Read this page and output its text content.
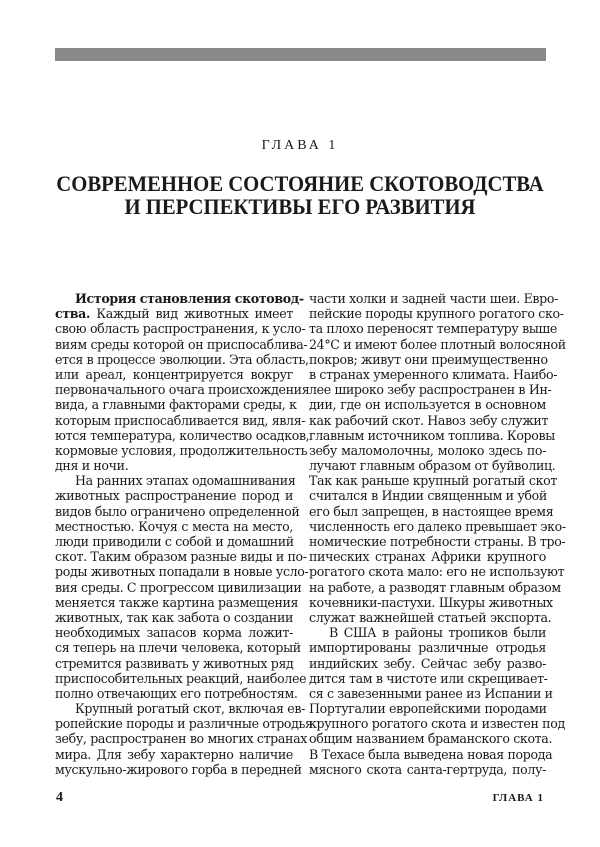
ГЛАВА 1
СОВРЕМЕННОЕ СОСТОЯНИЕ СКОТОВОДСТВА
И ПЕРСПЕКТИВЫ ЕГО РАЗВИТИЯ
История становления скотовод-
ства. Каждый вид животных имеет
свою область распространения, к усло-
виям среды которой он приспосаблива-
ется в процессе эволюции. Эта область,
или ареал, концентрируется вокруг
первоначального очага происхождения
вида, а главными факторами среды, к
которым приспосабливается вид, явля-
ются температура, количество осадков,
кормовые условия, продолжительность
дня и ночи.
На ранних этапах одомашнивания
животных распространение пород и
видов было ограничено определенной
местностью. Кочуя с места на место,
люди приводили с собой и домашний
скот. Таким образом разные виды и по-
роды животных попадали в новые усло-
вия среды. С прогрессом цивилизации
меняется также картина размещения
животных, так как забота о создании
необходимых запасов корма ложит-
ся теперь на плечи человека, который
стремится развивать у животных ряд
приспособительных реакций, наиболее
полно отвечающих его потребностям.
Крупный рогатый скот, включая ев-
ропейские породы и различные отродья
зебу, распространен во многих странах
мира. Для зебу характерно наличие
мускульно-жирового горба в передней
части холки и задней части шеи. Евро-
пейские породы крупного рогатого ско-
та плохо переносят температуру выше
24°C и имеют более плотный волосяной
покров; живут они преимущественно
в странах умеренного климата. Наибо-
лее широко зебу распространен в Ин-
дии, где он используется в основном
как рабочий скот. Навоз зебу служит
главным источником топлива. Коровы
зебу маломолочны, молоко здесь по-
лучают главным образом от буйволиц.
Так как раньше крупный рогатый скот
считался в Индии священным и убой
его был запрещен, в настоящее время
численность его далеко превышает эко-
номические потребности страны. В тро-
пических странах Африки крупного
рогатого скота мало: его не используют
на работе, а разводят главным образом
кочевники-пастухи. Шкуры животных
служат важнейшей статьей экспорта.
В США в районы тропиков были
импортированы различные отродья
индийских зебу. Сейчас зебу разво-
дится там в чистоте или скрещивает-
ся с завезенными ранее из Испании и
Португалии европейскими породами
крупного рогатого скота и известен под
общим названием браманского скота.
В Техасе была выведена новая порода
мясного скота санта-гертруда, полу-
4	ГЛАВА 1
